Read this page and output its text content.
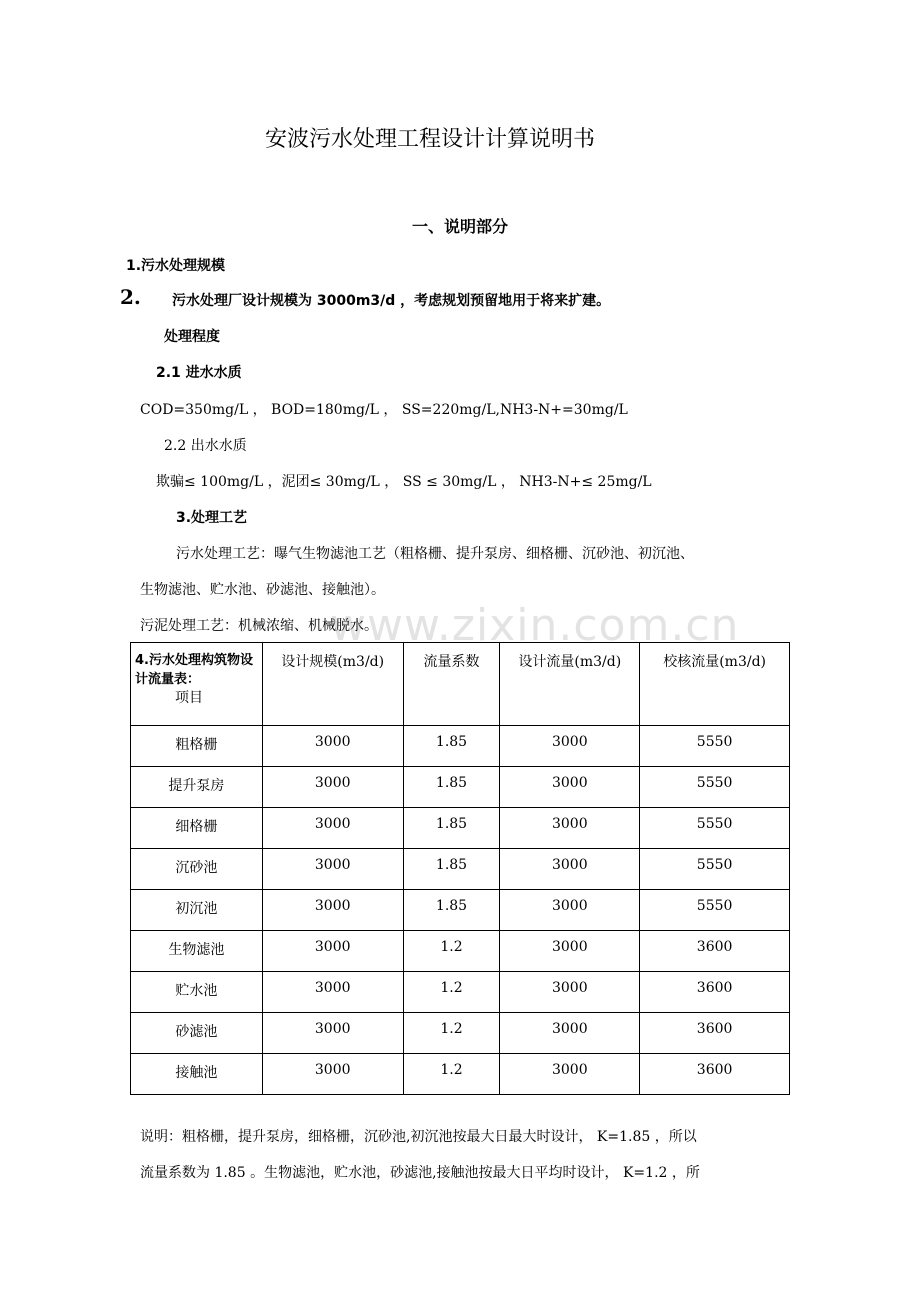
www.zixin.com.cn
安波污水处理工程设计计算说明书
一、说明部分
1.污水处理规模
2. 污水处理厂设计规模为 3000m3/d ，考虑规划预留地用于将来扩建。
处理程度
2.1 进水水质
COD=350mg/L ， BOD=180mg/L ， SS=220mg/L,NH3-N+=30mg/L
2.2 出水水质
欺骗≤ 100mg/L ，泥团≤ 30mg/L ， SS ≤ 30mg/L ， NH3-N+≤ 25mg/L
3.处理工艺
污水处理工艺：曝气生物滤池工艺（粗格栅、提升泵房、细格栅、沉砂池、初沉池、
生物滤池、贮水池、砂滤池、接触池）。
污泥处理工艺：机械浓缩、机械脱水。
4.污水处理构筑物设计流量表：
项目	设计规模(m3/d)	流量系数	设计流量(m3/d)	校核流量(m3/d)
粗格栅	3000	1.85	3000	5550
提升泵房	3000	1.85	3000	5550
细格栅	3000	1.85	3000	5550
沉砂池	3000	1.85	3000	5550
初沉池	3000	1.85	3000	5550
生物滤池	3000	1.2	3000	3600
贮水池	3000	1.2	3000	3600
砂滤池	3000	1.2	3000	3600
接触池	3000	1.2	3000	3600
说明：粗格栅，提升泵房，细格栅，沉砂池,初沉池按最大日最大时设计， K=1.85 ，所以
流量系数为 1.85 。生物滤池，贮水池，砂滤池,接触池按最大日平均时设计， K=1.2 ，所
